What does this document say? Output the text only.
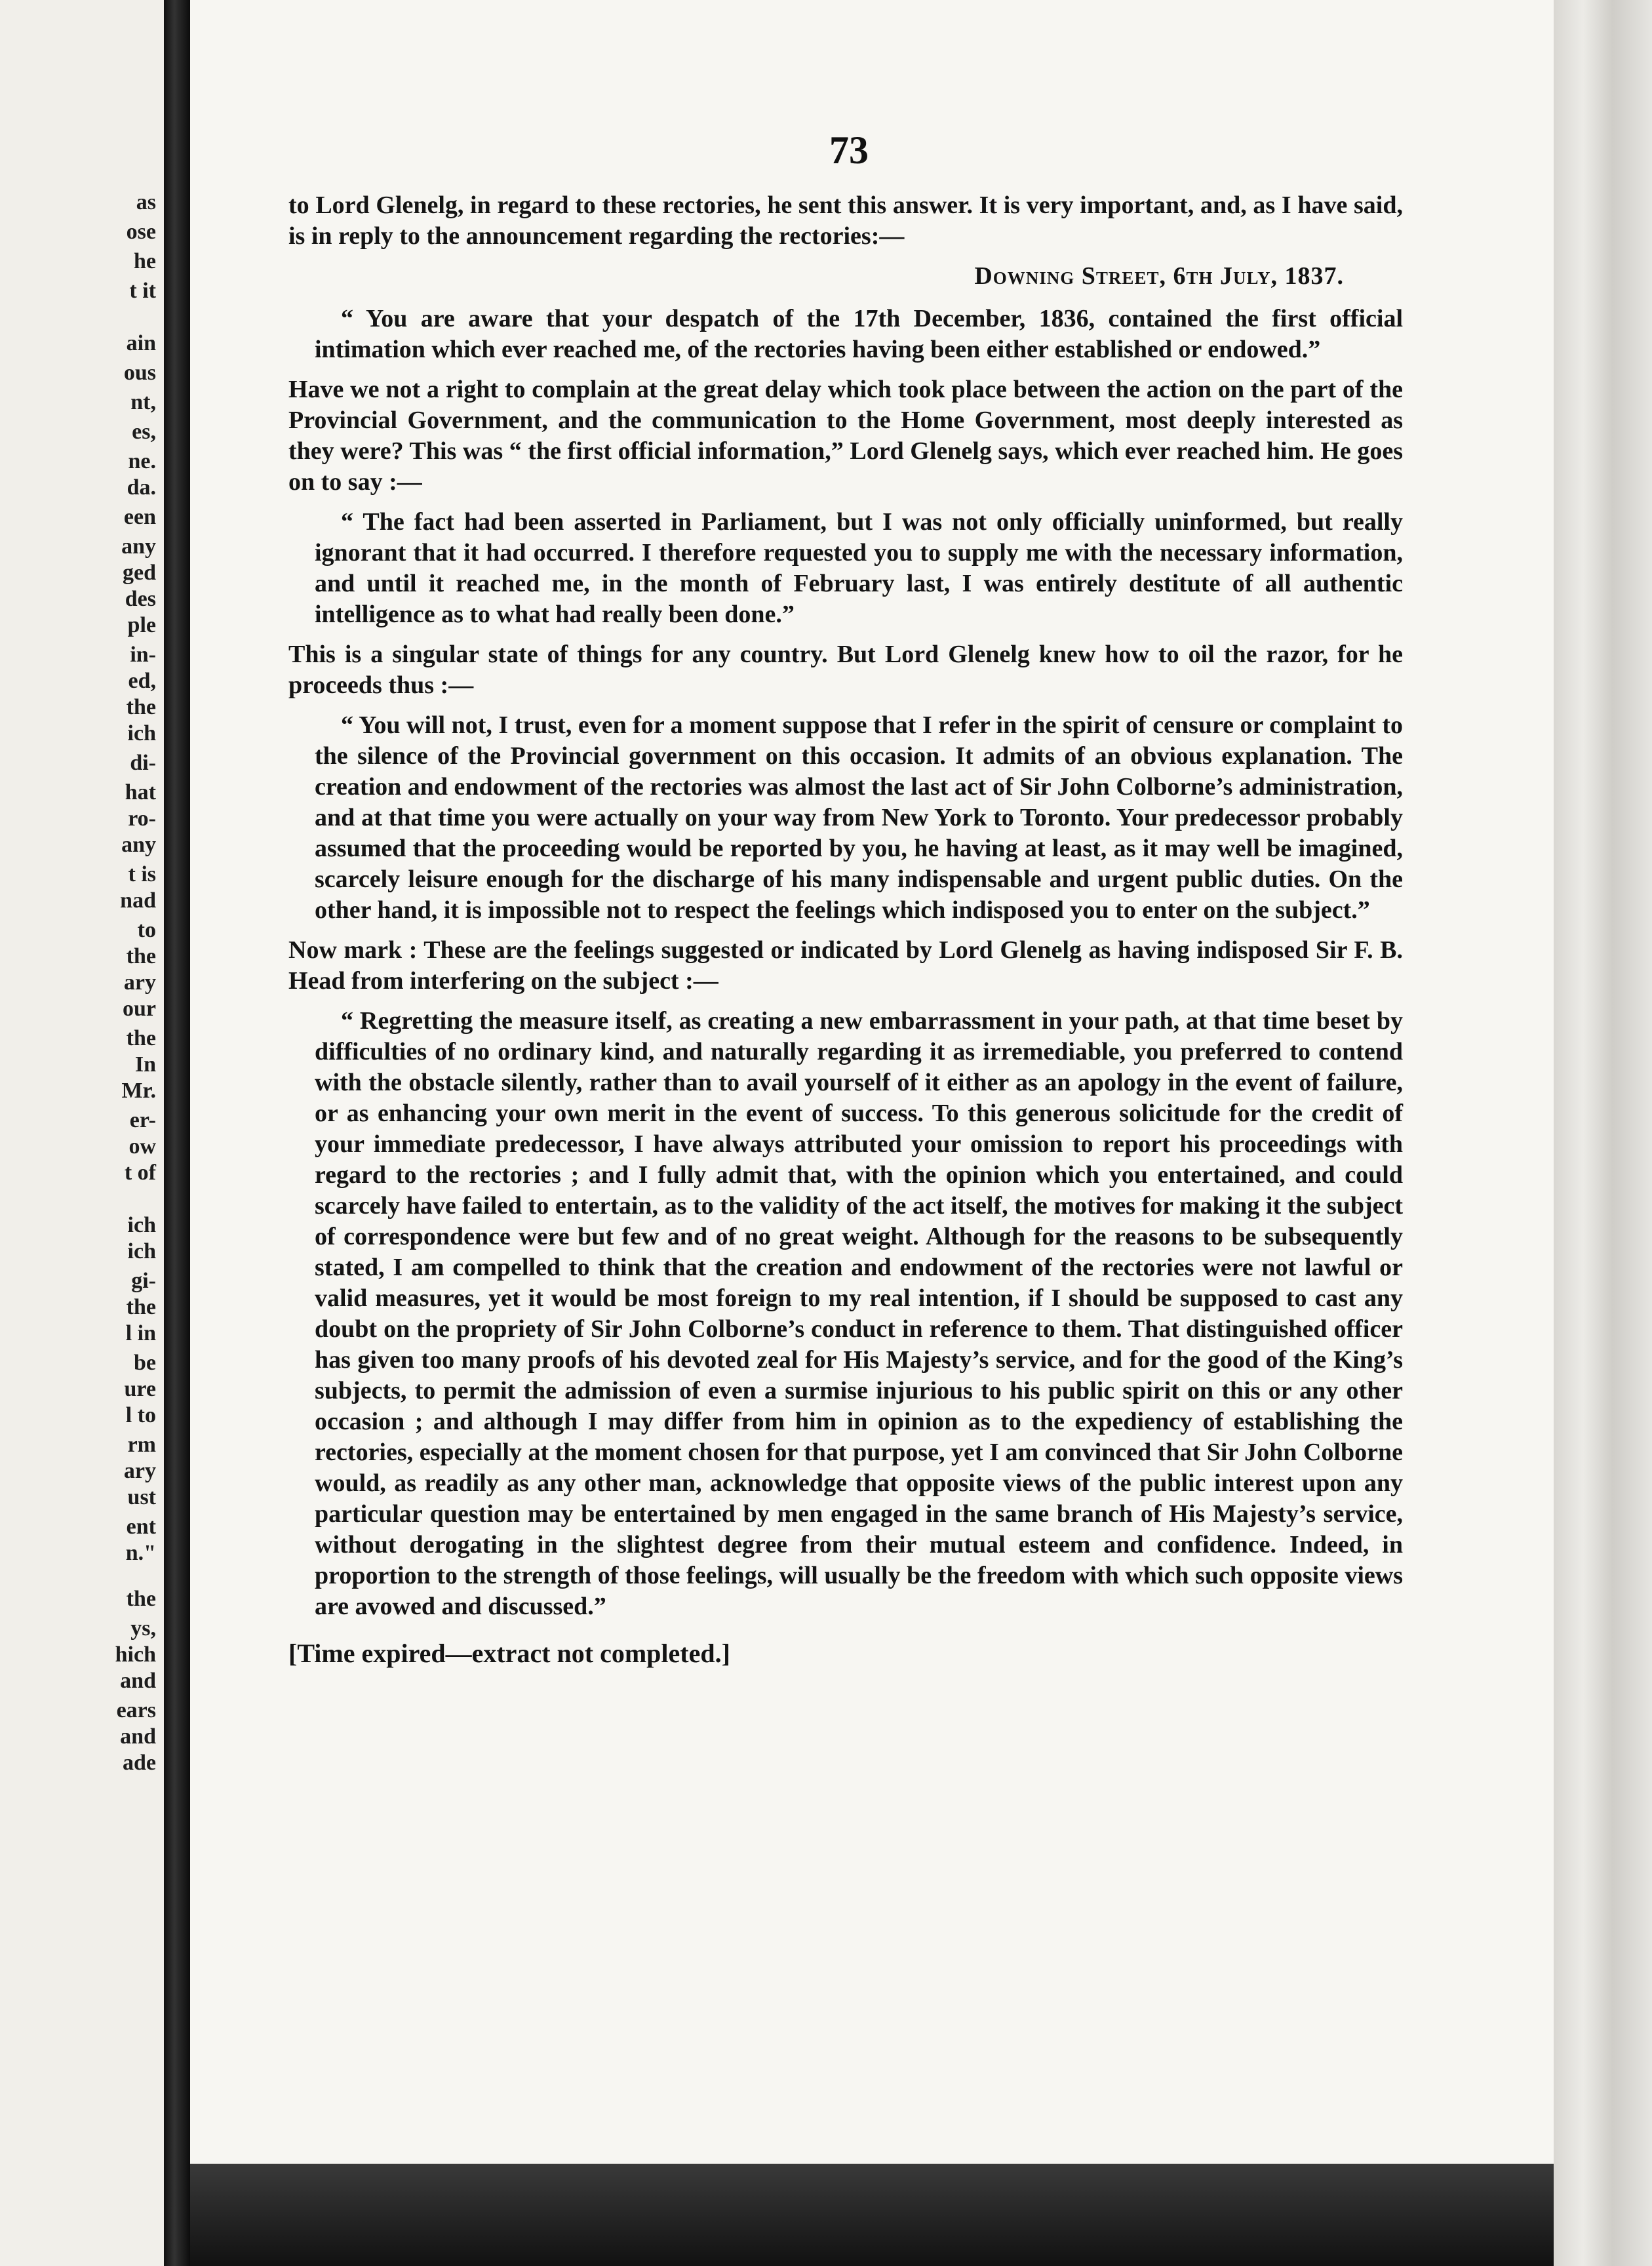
as
ose
he
t it
ain
ous
nt,
es,
ne.
da.
een
any
ged
des
ple
in-
ed,
the
ich
di-
hat
ro-
any
t is
nad
to
the
ary
our
the
In
Mr.
er-
ow
t of
ich
ich
gi-
the
l in
be
ure
l to
rm
ary
ust
ent
n."
the
ys,
hich
and
ears
and
ade
73

to Lord Glenelg, in regard to these rectories, he sent this answer. It is very important, and, as I have said, is in reply to the announcement regarding the rectories:—

Downing Street, 6th July, 1837.

“ You are aware that your despatch of the 17th December, 1836, contained the first official intimation which ever reached me, of the rectories having been either established or endowed.”

Have we not a right to complain at the great delay which took place between the action on the part of the Provincial Government, and the communication to the Home Government, most deeply interested as they were? This was “ the first official information,” Lord Glenelg says, which ever reached him. He goes on to say :—

“ The fact had been asserted in Parliament, but I was not only officially uninformed, but really ignorant that it had occurred. I therefore requested you to supply me with the necessary information, and until it reached me, in the month of February last, I was entirely destitute of all authentic intelligence as to what had really been done.”

This is a singular state of things for any country. But Lord Glenelg knew how to oil the razor, for he proceeds thus :—

“ You will not, I trust, even for a moment suppose that I refer in the spirit of censure or complaint to the silence of the Provincial government on this occasion. It admits of an obvious explanation. The creation and endowment of the rectories was almost the last act of Sir John Colborne’s administration, and at that time you were actually on your way from New York to Toronto. Your predecessor probably assumed that the proceeding would be reported by you, he having at least, as it may well be imagined, scarcely leisure enough for the discharge of his many indispensable and urgent public duties. On the other hand, it is impossible not to respect the feelings which indisposed you to enter on the subject.”

Now mark : These are the feelings suggested or indicated by Lord Glenelg as having indisposed Sir F. B. Head from interfering on the subject :—

“ Regretting the measure itself, as creating a new embarrassment in your path, at that time beset by difficulties of no ordinary kind, and naturally regarding it as irremediable, you preferred to contend with the obstacle silently, rather than to avail yourself of it either as an apology in the event of failure, or as enhancing your own merit in the event of success. To this generous solicitude for the credit of your immediate predecessor, I have always attributed your omission to report his proceedings with regard to the rectories ; and I fully admit that, with the opinion which you entertained, and could scarcely have failed to entertain, as to the validity of the act itself, the motives for making it the subject of correspondence were but few and of no great weight. Although for the reasons to be subsequently stated, I am compelled to think that the creation and endowment of the rectories were not lawful or valid measures, yet it would be most foreign to my real intention, if I should be supposed to cast any doubt on the propriety of Sir John Colborne’s conduct in reference to them. That distinguished officer has given too many proofs of his devoted zeal for His Majesty’s service, and for the good of the King’s subjects, to permit the admission of even a surmise injurious to his public spirit on this or any other occasion ; and although I may differ from him in opinion as to the expediency of establishing the rectories, especially at the moment chosen for that purpose, yet I am convinced that Sir John Colborne would, as readily as any other man, acknowledge that opposite views of the public interest upon any particular question may be entertained by men engaged in the same branch of His Majesty’s service, without derogating in the slightest degree from their mutual esteem and confidence. Indeed, in proportion to the strength of those feelings, will usually be the freedom with which such opposite views are avowed and discussed.”

[Time expired—extract not completed.]
